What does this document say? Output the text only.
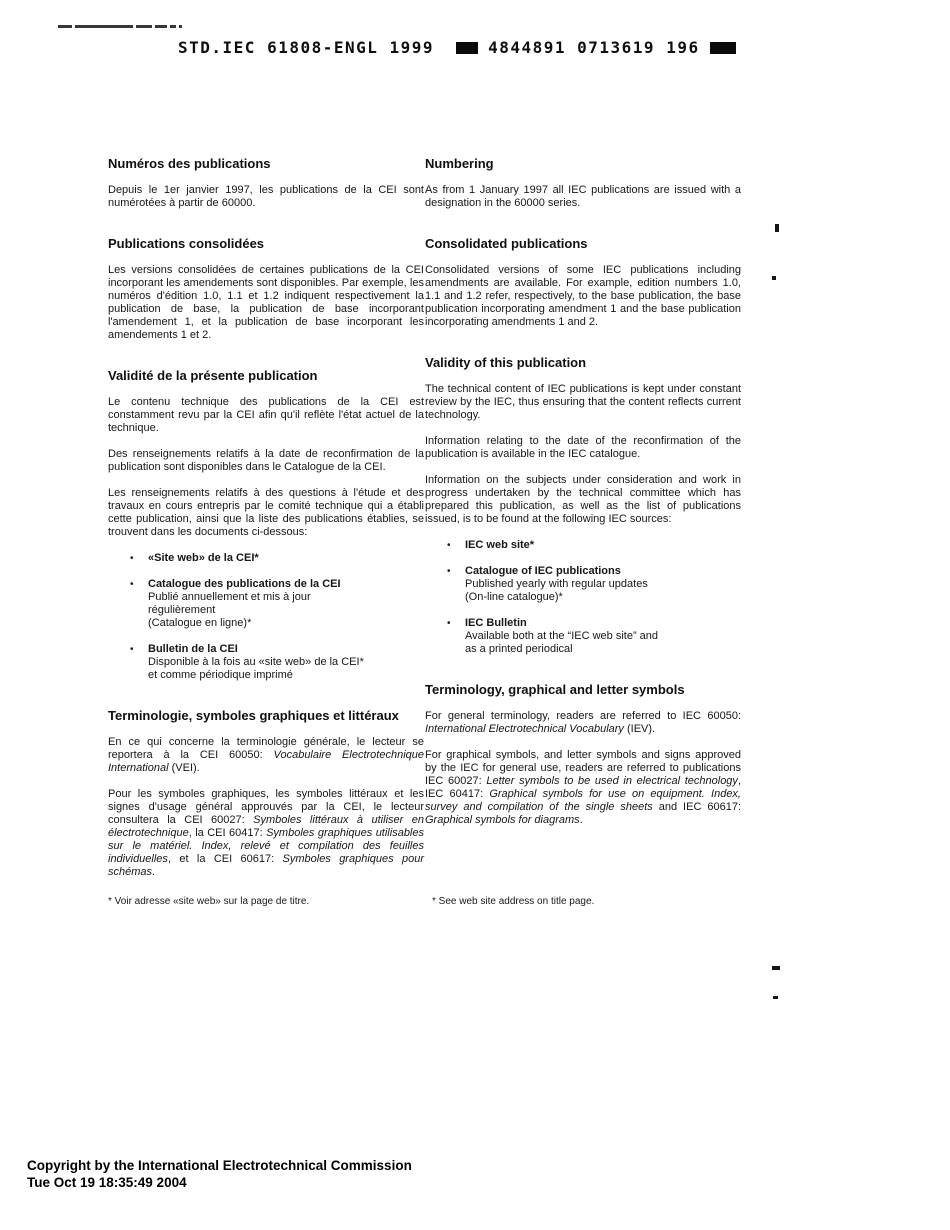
STD.IEC 61808-ENGL 1999	4844891 0713619 196
Numéros des publications

Depuis le 1er janvier 1997, les publications de la CEI sont numérotées à partir de 60000.

Publications consolidées

Les versions consolidées de certaines publications de la CEI incorporant les amendements sont disponibles. Par exemple, les numéros d'édition 1.0, 1.1 et 1.2 indiquent respectivement la publication de base, la publication de base incorporant l'amendement 1, et la publication de base incorporant les amendements 1 et 2.

Validité de la présente publication

Le contenu technique des publications de la CEI est constamment revu par la CEI afin qu'il reflète l'état actuel de la technique.

Des renseignements relatifs à la date de reconfirmation de la publication sont disponibles dans le Catalogue de la CEI.

Les renseignements relatifs à des questions à l'étude et des travaux en cours entrepris par le comité technique qui a établi cette publication, ainsi que la liste des publications établies, se trouvent dans les documents ci-dessous:

• «Site web» de la CEI*
• Catalogue des publications de la CEI
Publié annuellement et mis à jour
régulièrement
(Catalogue en ligne)*
• Bulletin de la CEI
Disponible à la fois au «site web» de la CEI*
et comme périodique imprimé
Terminologie, symboles graphiques et littéraux

En ce qui concerne la terminologie générale, le lecteur se reportera à la CEI 60050: Vocabulaire Electrotechnique International (VEI).

Pour les symboles graphiques, les symboles littéraux et les signes d'usage général approuvés par la CEI, le lecteur consultera la CEI 60027: Symboles littéraux à utiliser en électrotechnique, la CEI 60417: Symboles graphiques utilisables sur le matériel. Index, relevé et compilation des feuilles individuelles, et la CEI 60617: Symboles graphiques pour schémas.

Numbering

As from 1 January 1997 all IEC publications are issued with a designation in the 60000 series.

Consolidated publications

Consolidated versions of some IEC publications including amendments are available. For example, edition numbers 1.0, 1.1 and 1.2 refer, respectively, to the base publication, the base publication incorporating amendment 1 and the base publication incorporating amendments 1 and 2.

Validity of this publication

The technical content of IEC publications is kept under constant review by the IEC, thus ensuring that the content reflects current technology.

Information relating to the date of the reconfirmation of the publication is available in the IEC catalogue.

Information on the subjects under consideration and work in progress undertaken by the technical committee which has prepared this publication, as well as the list of publications issued, is to be found at the following IEC sources:

• IEC web site*
• Catalogue of IEC publications
Published yearly with regular updates
(On-line catalogue)*
• IEC Bulletin
Available both at the “IEC web site” and
as a printed periodical
Terminology, graphical and letter symbols

For general terminology, readers are referred to IEC 60050: International Electrotechnical Vocabulary (IEV).

For graphical symbols, and letter symbols and signs approved by the IEC for general use, readers are referred to publications IEC 60027: Letter symbols to be used in electrical technology, IEC 60417: Graphical symbols for use on equipment. Index, survey and compilation of the single sheets and IEC 60617: Graphical symbols for diagrams.

* Voir adresse «site web» sur la page de titre.	* See web site address on title page.
Copyright by the International Electrotechnical Commission
Tue Oct 19 18:35:49 2004
